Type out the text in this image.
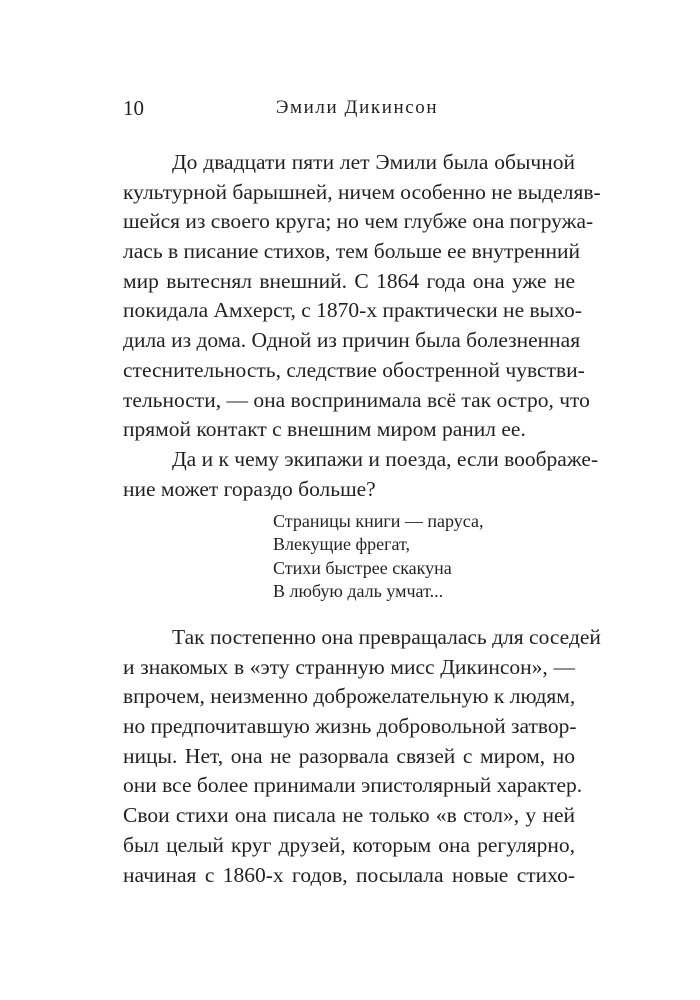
10	Эмили Дикинсон
До двадцати пяти лет Эмили была обычной
культурной барышней, ничем особенно не выделяв-
шейся из своего круга; но чем глубже она погружа-
лась в писание стихов, тем больше ее внутренний
мир вытеснял внешний. С 1864 года она уже не
покидала Амхерст, с 1870-х практически не выхо-
дила из дома. Одной из причин была болезненная
стеснительность, следствие обостренной чувстви-
тельности, — она воспринимала всё так остро, что
прямой контакт с внешним миром ранил ее.
Да и к чему экипажи и поезда, если воображе-
ние может гораздо больше?
Страницы книги — паруса,
Влекущие фрегат,
Стихи быстрее скакуна
В любую даль умчат...
Так постепенно она превращалась для соседей
и знакомых в «эту странную мисс Дикинсон», —
впрочем, неизменно доброжелательную к людям,
но предпочитавшую жизнь добровольной затвор-
ницы. Нет, она не разорвала связей с миром, но
они все более принимали эпистолярный характер.
Свои стихи она писала не только «в стол», у ней
был целый круг друзей, которым она регулярно,
начиная с 1860-х годов, посылала новые стихо-
